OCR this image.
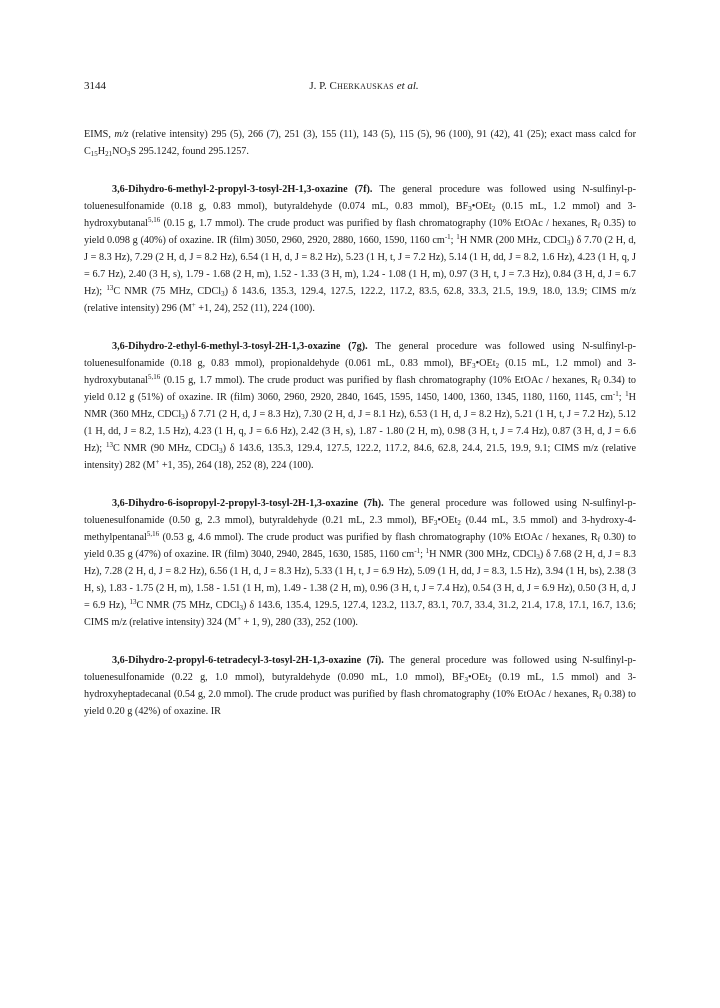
3144	J. P. Cherkauskas et al.

EIMS, m/z (relative intensity) 295 (5), 266 (7), 251 (3), 155 (11), 143 (5), 115 (5), 96 (100), 91 (42), 41 (25); exact mass calcd for $C_{15}H_{21}NO_3S$ 295.1242, found 295.1257.

3,6-Dihydro-6-methyl-2-propyl-3-tosyl-2H-1,3-oxazine (7f). The general procedure was followed using N-sulfinyl-p-toluenesulfonamide (0.18 g, 0.83 mmol), butyraldehyde (0.074 mL, 0.83 mmol), $BF_3•OEt_2$ (0.15 mL, 1.2 mmol) and 3-hydroxybutanal$^{5,16}$ (0.15 g, 1.7 mmol). The crude product was purified by flash chromatography (10% EtOAc / hexanes, $R_f$ 0.35) to yield 0.098 g (40%) of oxazine. IR (film) 3050, 2960, 2920, 2880, 1660, 1590, 1160 $cm^{-1}$; $^1$H NMR (200 MHz, CDCl$_3$) δ 7.70 (2 H, d, J = 8.3 Hz), 7.29 (2 H, d, J = 8.2 Hz), 6.54 (1 H, d, J = 8.2 Hz), 5.23 (1 H, t, J = 7.2 Hz), 5.14 (1 H, dd, J = 8.2, 1.6 Hz), 4.23 (1 H, q, J = 6.7 Hz), 2.40 (3 H, s), 1.79 - 1.68 (2 H, m), 1.52 - 1.33 (3 H, m), 1.24 - 1.08 (1 H, m), 0.97 (3 H, t, J = 7.3 Hz), 0.84 (3 H, d, J = 6.7 Hz); $^{13}$C NMR (75 MHz, CDCl$_3$) δ 143.6, 135.3, 129.4, 127.5, 122.2, 117.2, 83.5, 62.8, 33.3, 21.5, 19.9, 18.0, 13.9; CIMS m/z (relative intensity) 296 (M+ +1, 24), 252 (11), 224 (100).

3,6-Dihydro-2-ethyl-6-methyl-3-tosyl-2H-1,3-oxazine (7g). The general procedure was followed using N-sulfinyl-p-toluenesulfonamide (0.18 g, 0.83 mmol), propionaldehyde (0.061 mL, 0.83 mmol), $BF_3•OEt_2$ (0.15 mL, 1.2 mmol) and 3-hydroxybutanal$^{5,16}$ (0.15 g, 1.7 mmol). The crude product was purified by flash chromatography (10% EtOAc / hexanes, $R_f$ 0.34) to yield 0.12 g (51%) of oxazine. IR (film) 3060, 2960, 2920, 2840, 1645, 1595, 1450, 1400, 1360, 1345, 1180, 1160, 1145, $cm^{-1}$; $^1$H NMR (360 MHz, CDCl$_3$) δ 7.71 (2 H, d, J = 8.3 Hz), 7.30 (2 H, d, J = 8.1 Hz), 6.53 (1 H, d, J = 8.2 Hz), 5.21 (1 H, t, J = 7.2 Hz), 5.12 (1 H, dd, J = 8.2, 1.5 Hz), 4.23 (1 H, q, J = 6.6 Hz), 2.42 (3 H, s), 1.87 - 1.80 (2 H, m), 0.98 (3 H, t, J = 7.4 Hz), 0.87 (3 H, d, J = 6.6 Hz); $^{13}$C NMR (90 MHz, CDCl$_3$) δ 143.6, 135.3, 129.4, 127.5, 122.2, 117.2, 84.6, 62.8, 24.4, 21.5, 19.9, 9.1; CIMS m/z (relative intensity) 282 (M+ +1, 35), 264 (18), 252 (8), 224 (100).

3,6-Dihydro-6-isopropyl-2-propyl-3-tosyl-2H-1,3-oxazine (7h). The general procedure was followed using N-sulfinyl-p-toluenesulfonamide (0.50 g, 2.3 mmol), butyraldehyde (0.21 mL, 2.3 mmol), $BF_3•OEt_2$ (0.44 mL, 3.5 mmol) and 3-hydroxy-4-methylpentanal$^{5,16}$ (0.53 g, 4.6 mmol). The crude product was purified by flash chromatography (10% EtOAc / hexanes, $R_f$ 0.30) to yield 0.35 g (47%) of oxazine. IR (film) 3040, 2940, 2845, 1630, 1585, 1160 $cm^{-1}$; $^1$H NMR (300 MHz, CDCl$_3$) δ 7.68 (2 H, d, J = 8.3 Hz), 7.28 (2 H, d, J = 8.2 Hz), 6.56 (1 H, d, J = 8.3 Hz), 5.33 (1 H, t, J = 6.9 Hz), 5.09 (1 H, dd, J = 8.3, 1.5 Hz), 3.94 (1 H, bs), 2.38 (3 H, s), 1.83 - 1.75 (2 H, m), 1.58 - 1.51 (1 H, m), 1.49 - 1.38 (2 H, m), 0.96 (3 H, t, J = 7.4 Hz), 0.54 (3 H, d, J = 6.9 Hz), 0.50 (3 H, d, J = 6.9 Hz), $^{13}$C NMR (75 MHz, CDCl$_3$) δ 143.6, 135.4, 129.5, 127.4, 123.2, 113.7, 83.1, 70.7, 33.4, 31.2, 21.4, 17.8, 17.1, 16.7, 13.6; CIMS m/z (relative intensity) 324 (M+ + 1, 9), 280 (33), 252 (100).

3,6-Dihydro-2-propyl-6-tetradecyl-3-tosyl-2H-1,3-oxazine (7i). The general procedure was followed using N-sulfinyl-p-toluenesulfonamide (0.22 g, 1.0 mmol), butyraldehyde (0.090 mL, 1.0 mmol), $BF_3•OEt_2$ (0.19 mL, 1.5 mmol) and 3-hydroxyheptadecanal (0.54 g, 2.0 mmol). The crude product was purified by flash chromatography (10% EtOAc / hexanes, $R_f$ 0.38) to yield 0.20 g (42%) of oxazine. IR
